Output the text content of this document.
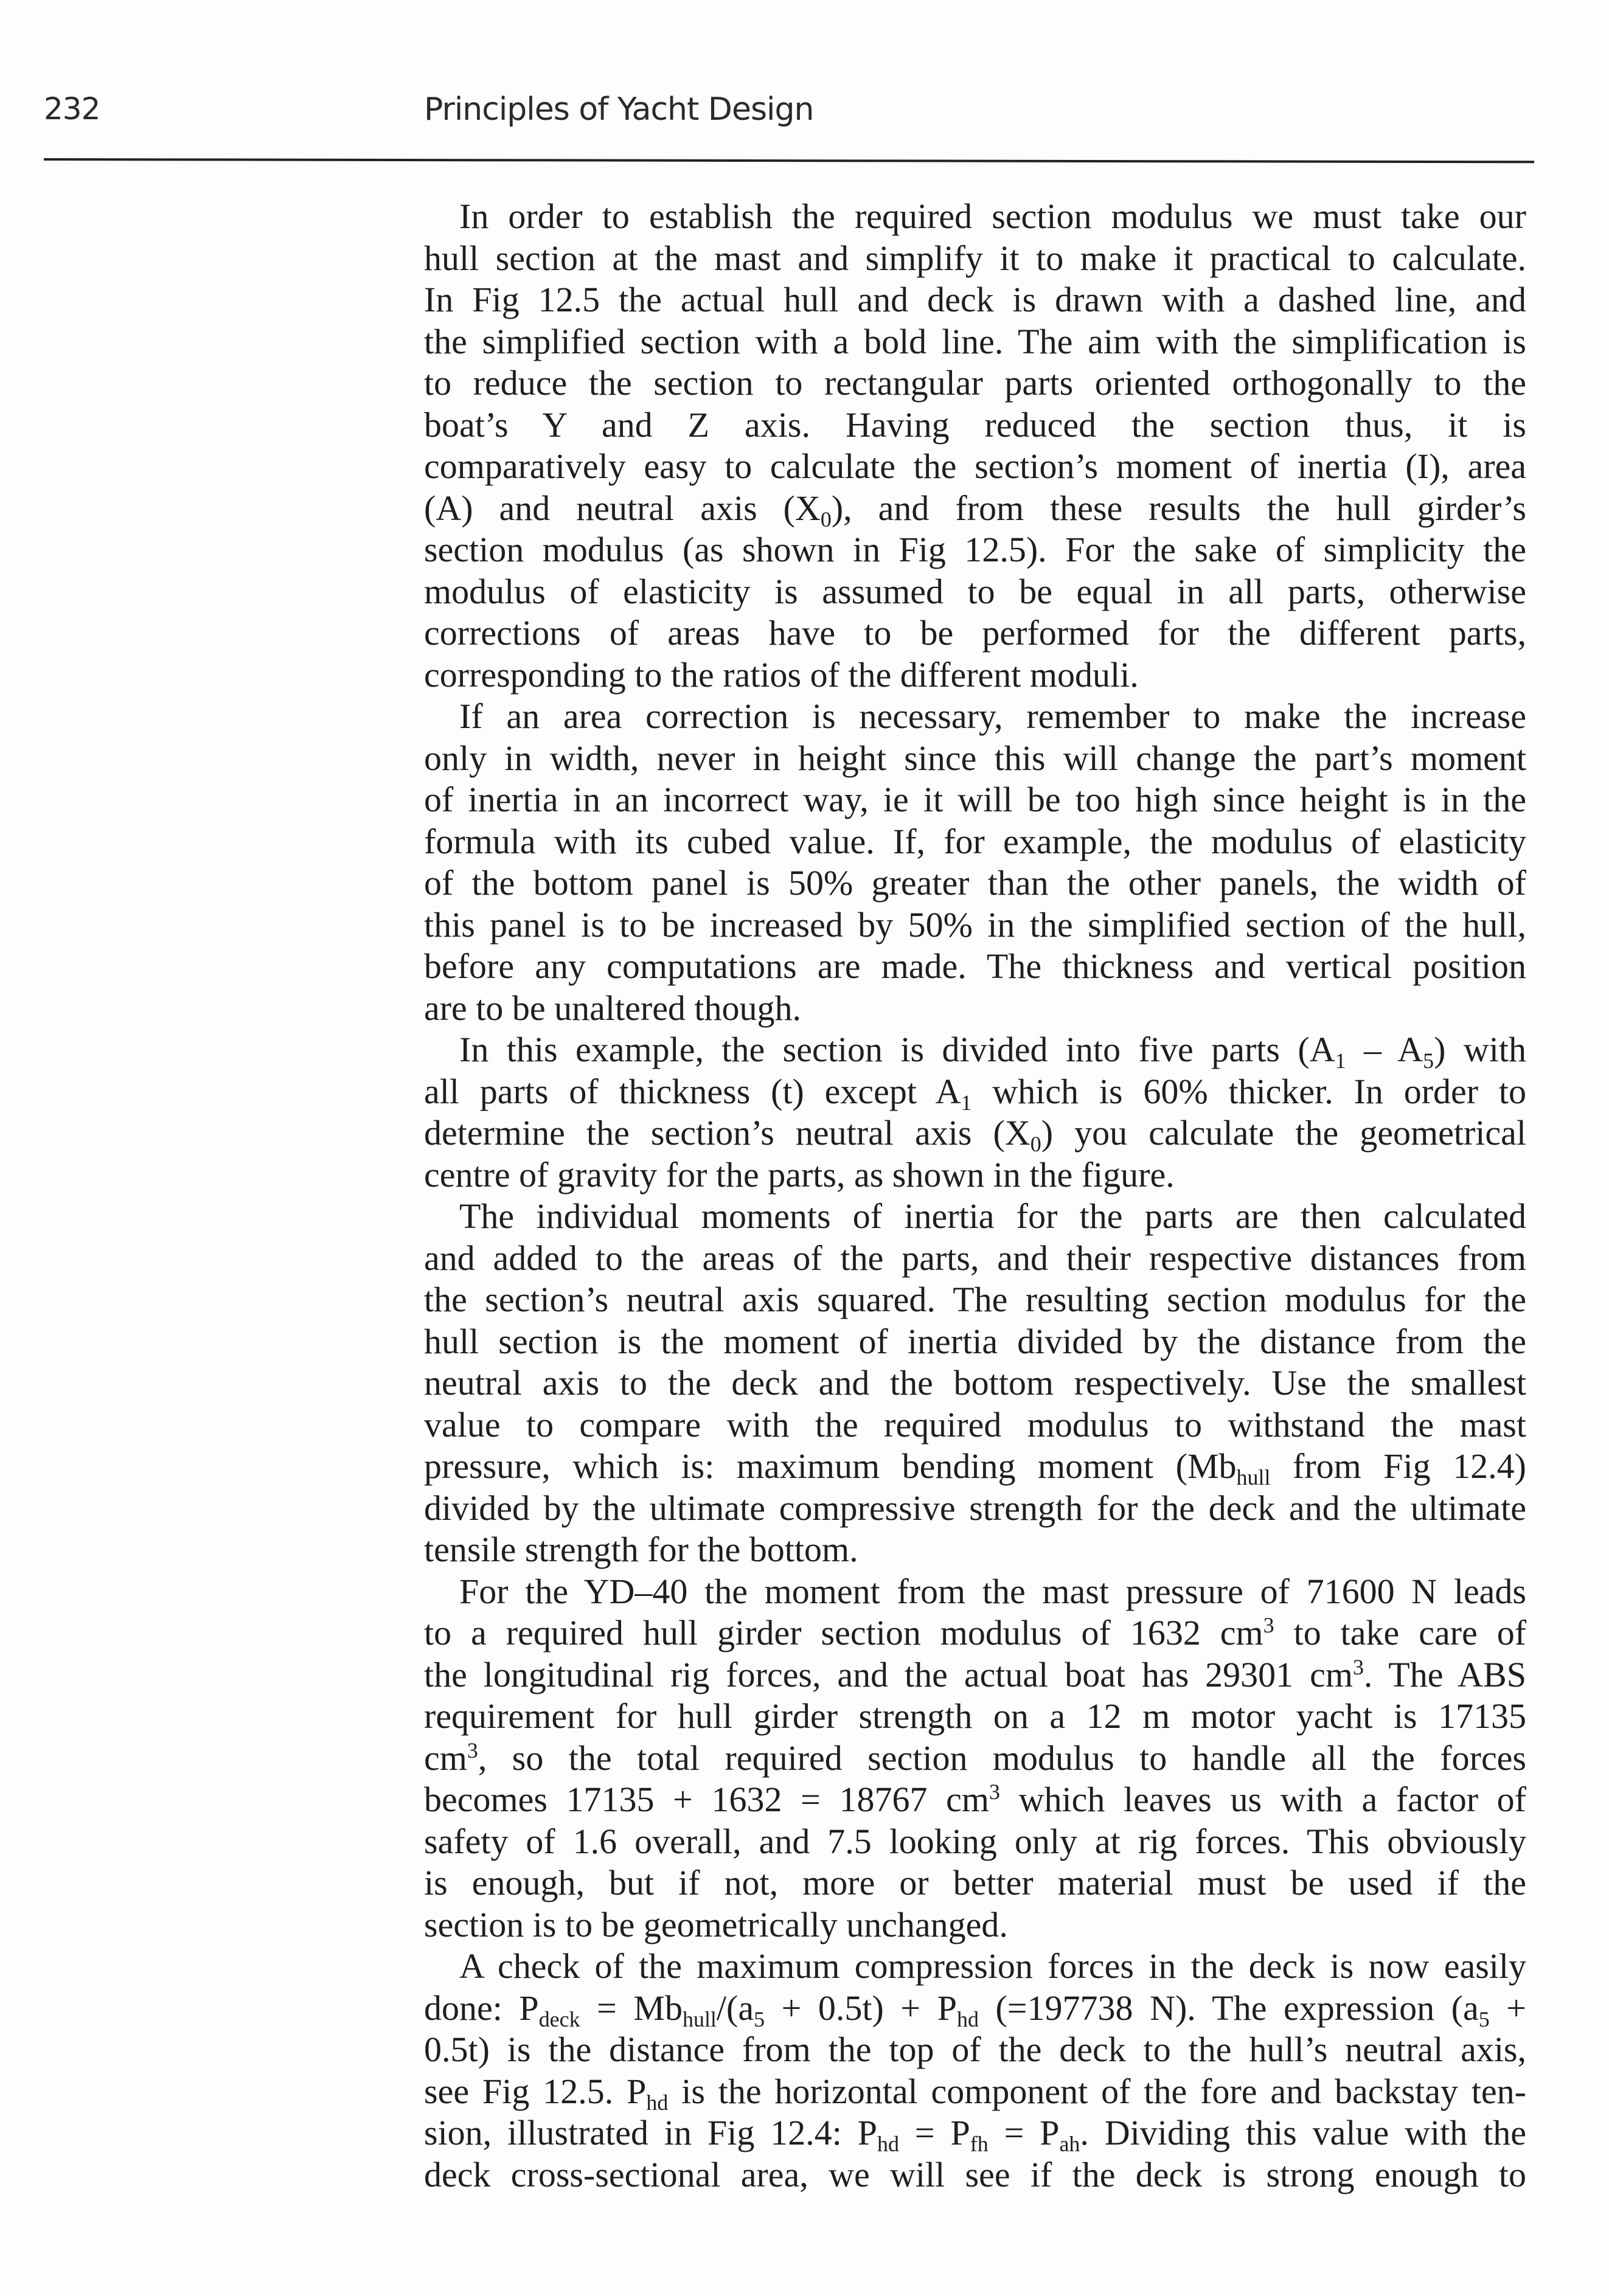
232	Principles of Yacht Design
In order to establish the required section modulus we must take our
hull section at the mast and simplify it to make it practical to calculate.
In Fig 12.5 the actual hull and deck is drawn with a dashed line, and
the simplified section with a bold line. The aim with the simplification is
to reduce the section to rectangular parts oriented orthogonally to the
boat’s Y and Z axis. Having reduced the section thus, it is
comparatively easy to calculate the section’s moment of inertia (I), area
(A) and neutral axis $(X_0)$, and from these results the hull girder’s
section modulus (as shown in Fig 12.5). For the sake of simplicity the
modulus of elasticity is assumed to be equal in all parts, otherwise
corrections of areas have to be performed for the different parts,
corresponding to the ratios of the different moduli.
If an area correction is necessary, remember to make the increase
only in width, never in height since this will change the part’s moment
of inertia in an incorrect way, ie it will be too high since height is in the
formula with its cubed value. If, for example, the modulus of elasticity
of the bottom panel is 50% greater than the other panels, the width of
this panel is to be increased by 50% in the simplified section of the hull,
before any computations are made. The thickness and vertical position
are to be unaltered though.
In this example, the section is divided into five parts $(A_1 - A_5)$ with
all parts of thickness (t) except $A_1$ which is 60% thicker. In order to
determine the section’s neutral axis $(X_0)$ you calculate the geometrical
centre of gravity for the parts, as shown in the figure.
The individual moments of inertia for the parts are then calculated
and added to the areas of the parts, and their respective distances from
the section’s neutral axis squared. The resulting section modulus for the
hull section is the moment of inertia divided by the distance from the
neutral axis to the deck and the bottom respectively. Use the smallest
value to compare with the required modulus to withstand the mast
pressure, which is: maximum bending moment ($Mb_{hull}$ from Fig 12.4)
divided by the ultimate compressive strength for the deck and the ultimate
tensile strength for the bottom.
For the YD–40 the moment from the mast pressure of 71600 N leads
to a required hull girder section modulus of 1632 $cm^3$ to take care of
the longitudinal rig forces, and the actual boat has 29301 $cm^3$. The ABS
requirement for hull girder strength on a 12 m motor yacht is 17135
$cm^3$, so the total required section modulus to handle all the forces
becomes 17135 + 1632 = 18767 $cm^3$ which leaves us with a factor of
safety of 1.6 overall, and 7.5 looking only at rig forces. This obviously
is enough, but if not, more or better material must be used if the
section is to be geometrically unchanged.
A check of the maximum compression forces in the deck is now easily
done: $P_{deck} = Mb_{hull}/(a_5 + 0.5t) + P_{hd}$ (=197738 N). The expression ($a_5$ +
0.5t) is the distance from the top of the deck to the hull’s neutral axis,
see Fig 12.5. $P_{hd}$ is the horizontal component of the fore and backstay ten-
sion, illustrated in Fig 12.4: $P_{hd} = P_{fh} = P_{ah}$. Dividing this value with the
deck cross-sectional area, we will see if the deck is strong enough to
